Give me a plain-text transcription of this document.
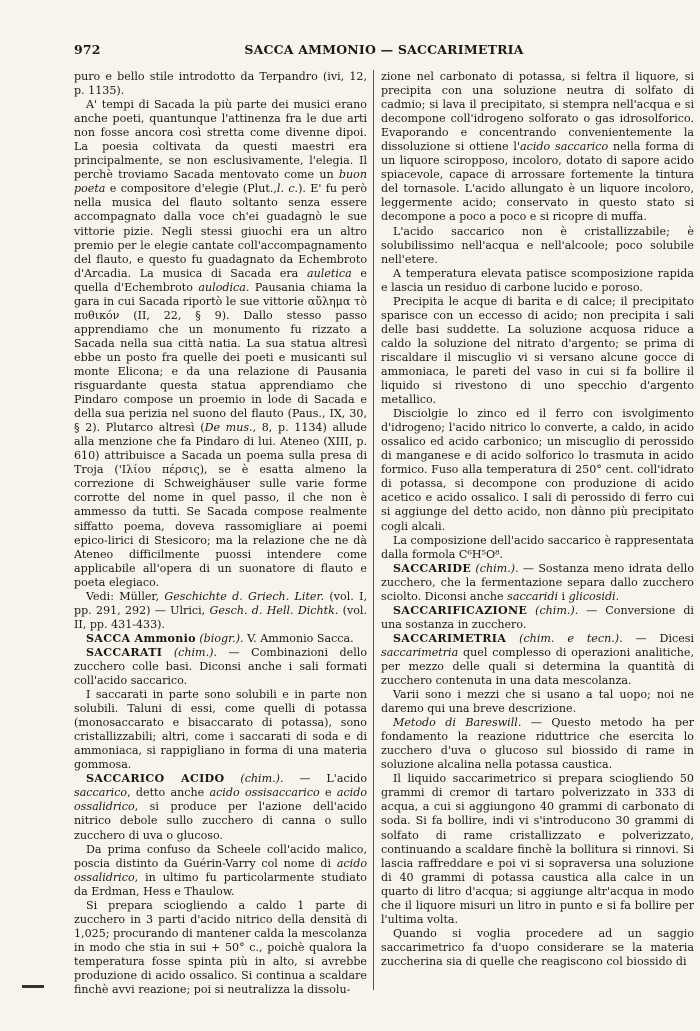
972	SACCA AMMONIO — SACCARIMETRIA

puro e bello stile introdotto da Terpandro (ivi, 12, p. 1135).

A' tempi di Sacada la più parte dei musici erano anche poeti, quantunque l'attinenza fra le due arti non fosse ancora così stretta come divenne dipoi. La poesia coltivata da questi maestri era principalmente, se non esclusivamente, l'elegia. Il perchè troviamo Sacada mentovato come un buon poeta e compositore d'elegie (Plut.,l. c.). E' fu però nella musica del flauto soltanto senza essere accompagnato dalla voce ch'ei guadagnò le sue vittorie pizie. Negli stessi giuochi era un altro premio per le elegie cantate coll'accompagnamento del flauto, e questo fu guadagnato da Echembroto d'Arcadia. La musica di Sacada era auletica e quella d'Echembroto aulodica. Pausania chiama la gara in cui Sacada riportò le sue vittorie αὔλημα τὸ πυθικόν (II, 22, § 9). Dallo stesso passo apprendiamo che un monumento fu rizzato a Sacada nella sua città natia. La sua statua altresì ebbe un posto fra quelle dei poeti e musicanti sul monte Elicona; e da una relazione di Pausania risguardante questa statua apprendiamo che Pindaro compose un proemio in lode di Sacada e della sua perizia nel suono del flauto (Paus., IX, 30, § 2). Plutarco altresì (De mus., 8, p. 1134) allude alla menzione che fa Pindaro di lui. Ateneo (XIII, p. 610) attribuisce a Sacada un poema sulla presa di Troja ('Ιλίου πέρσις), se è esatta almeno la correzione di Schweighäuser sulle varie forme corrotte del nome in quel passo, il che non è ammesso da tutti. Se Sacada compose realmente siffatto poema, doveva rassomigliare ai poemi epico-lirici di Stesicoro; ma la relazione che ne dà Ateneo difficilmente puossi intendere come applicabile all'opera di un suonatore di flauto e poeta elegiaco.

Vedi: Müller, Geschichte d. Griech. Liter. (vol. I, pp. 291, 292) — Ulrici, Gesch. d. Hell. Dichtk. (vol. II, pp. 431-433).

SACCA Ammonio (biogr.). V. Ammonio Sacca.

SACCARATI (chim.). — Combinazioni dello zucchero colle basi. Diconsi anche i sali formati coll'acido saccarico.

I saccarati in parte sono solubili e in parte non solubili. Taluni di essi, come quelli di potassa (monosaccarato e bisaccarato di potassa), sono cristallizzabili; altri, come i saccarati di soda e di ammoniaca, si rappigliano in forma di una materia gommosa.

SACCARICO ACIDO (chim.). — L'acido saccarico, detto anche acido ossisaccarico e acido ossalidrico, si produce per l'azione dell'acido nitrico debole sullo zucchero di canna o sullo zucchero di uva o glucoso.

Da prima confuso da Scheele coll'acido malico, poscia distinto da Guérin-Varry col nome di acido ossalidrico, in ultimo fu particolarmente studiato da Erdman, Hess e Thaulow.

Si prepara sciogliendo a caldo 1 parte di zucchero in 3 parti d'acido nitrico della densità di 1,025; procurando di mantener calda la mescolanza in modo che stia in sui + 50° c., poichè qualora la temperatura fosse spinta più in alto, si avrebbe produzione di acido ossalico. Si continua a scaldare finchè avvi reazione; poi si neutralizza la dissolu-

zione nel carbonato di potassa, si feltra il liquore, si precipita con una soluzione neutra di solfato di cadmio; si lava il precipitato, si stempra nell'acqua e si decompone coll'idrogeno solforato o gas idrosolforico. Evaporando e concentrando convenientemente la dissoluzione si ottiene l'acido saccarico nella forma di un liquore sciropposo, incoloro, dotato di sapore acido spiacevole, capace di arrossare fortemente la tintura del tornasole. L'acido allungato è un liquore incoloro, leggermente acido; conservato in questo stato si decompone a poco a poco e si ricopre di muffa.

L'acido saccarico non è cristallizzabile; è solubilissimo nell'acqua e nell'alcoole; poco solubile nell'etere.

A temperatura elevata patisce scomposizione rapida e lascia un residuo di carbone lucido e poroso.

Precipita le acque di barita e di calce; il precipitato sparisce con un eccesso di acido; non precipita i sali delle basi suddette. La soluzione acquosa riduce a caldo la soluzione del nitrato d'argento; se prima di riscaldare il miscuglio vi si versano alcune gocce di ammoniaca, le pareti del vaso in cui si fa bollire il liquido si rivestono di uno specchio d'argento metallico.

Disciolgie lo zinco ed il ferro con isvolgimento d'idrogeno; l'acido nitrico lo converte, a caldo, in acido ossalico ed acido carbonico; un miscuglio di perossido di manganese e di acido solforico lo trasmuta in acido formico. Fuso alla temperatura di 250° cent. coll'idrato di potassa, si decompone con produzione di acido acetico e acido ossalico. I sali di perossido di ferro cui si aggiunge del detto acido, non dànno più precipitato cogli alcali.

La composizione dell'acido saccarico è rappresentata dalla formola C⁶H⁵O⁸.

SACCARIDE (chim.). — Sostanza meno idrata dello zucchero, che la fermentazione separa dallo zucchero sciolto. Diconsi anche saccaridi i glicosidi.

SACCARIFICAZIONE (chim.). — Conversione di una sostanza in zucchero.

SACCARIMETRIA (chim. e tecn.). — Dicesi saccarimetria quel complesso di operazioni analitiche, per mezzo delle quali si determina la quantità di zucchero contenuta in una data mescolanza.

Varii sono i mezzi che si usano a tal uopo; noi ne daremo qui una breve descrizione.

Metodo di Bareswill. — Questo metodo ha per fondamento la reazione riduttrice che esercita lo zucchero d'uva o glucoso sul biossido di rame in soluzione alcalina nella potassa caustica.

Il liquido saccarimetrico si prepara sciogliendo 50 grammi di cremor di tartaro polverizzato in 333 di acqua, a cui si aggiungono 40 grammi di carbonato di soda. Si fa bollire, indi vi s'introducono 30 grammi di solfato di rame cristallizzato e polverizzato, continuando a scaldare finchè la bollitura si rinnovi. Si lascia raffreddare e poi vi si sopraversa una soluzione di 40 grammi di potassa caustica alla calce in un quarto di litro d'acqua; si aggiunge altr'acqua in modo che il liquore misuri un litro in punto e si fa bollire per l'ultima volta.

Quando si voglia procedere ad un saggio saccarimetrico fa d'uopo considerare se la materia zuccherina sia di quelle che reagiscono col biossido di
